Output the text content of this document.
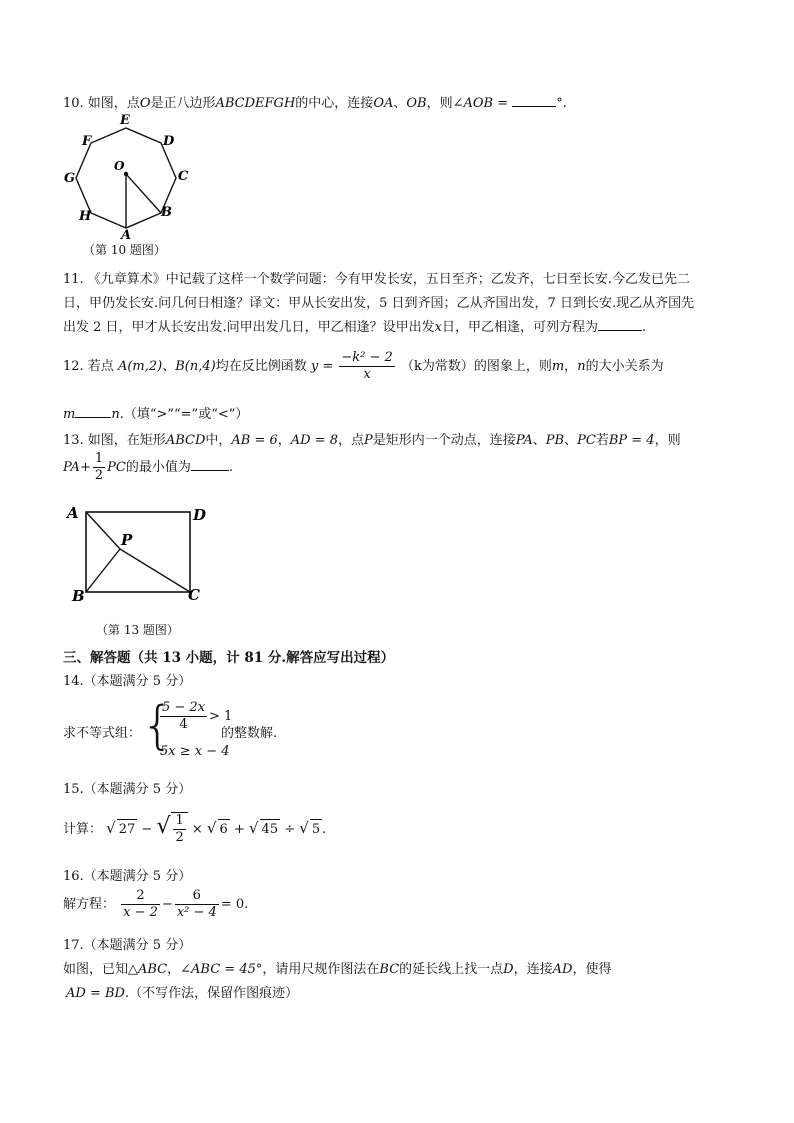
10. 如图，点O是正八边形ABCDEFGH的中心，连接OA、OB，则∠AOB =	°.
E
D
F
G	C
H	B
A
O
（第 10 题图）
11. 《九章算术》中记载了这样一个数学问题：今有甲发长安，五日至齐；乙发齐，七日至长安.今乙发已先二
日，甲仍发长安.问几何日相逢？译文：甲从长安出发，5 日到齐国；乙从齐国出发，7 日到长安.现乙从齐国先
出发 2 日，甲才从长安出发.问甲出发几日，甲乙相逢？设甲出发x日，甲乙相逢，可列方程为	.
12. 若点 A(m,2)、B(n,4)均在反比例函数 $y = \frac{\text{−k² − 2}}{x} (k$为常数）的图象上，则m，n的大小关系为
m	n.（填“>”“=”或“<”）
13. 如图，在矩形ABCD中，AB = 6，AD = 8，点P是矩形内一个动点，连接PA、PB、PC若BP = 4，则
$PA+ \frac{1}{2}$ PC的最小值为	.
A	D
P
B	C
（第 13 题图）
三、解答题（共 13 小题，计 81 分.解答应写出过程）
14.（本题满分 5 分）
求不等式组： {
$\frac{5 - 2x}{4} > 1$
5x ≥ x − 4
的整数解.
15.（本题满分 5 分）
计算： √ 27 − √ $\frac{1}{2}$ × √ 6 + √ 45 ÷ √ 5 .
16.（本题满分 5 分）
解方程： $\frac{2}{x - 2} - \frac{6}{\text{x² − 4}} = 0$.
17.（本题满分 5 分）
如图，已知△ABC，∠ABC = 45°，请用尺规作图法在BC的延长线上找一点D，连接AD，使得
AD = BD.（不写作法，保留作图痕迹）
